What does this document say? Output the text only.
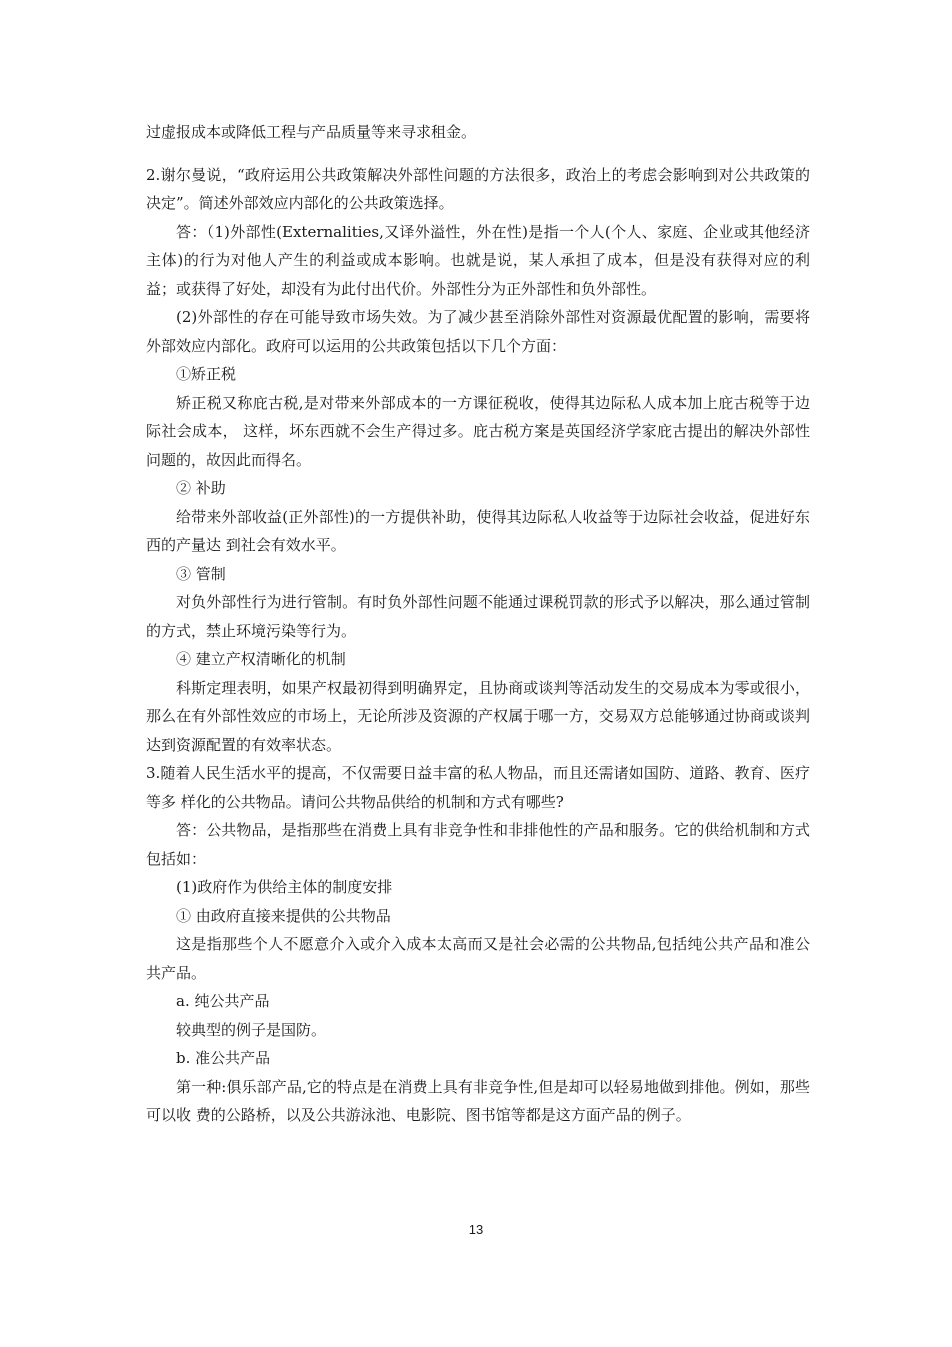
过虚报成本或降低工程与产品质量等来寻求租金。

2.谢尔曼说，“政府运用公共政策解决外部性问题的方法很多，政治上的考虑会影响到对公共政策的决定”。简述外部效应内部化的公共政策选择。

答：（1)外部性(Externalities,又译外溢性，外在性)是指一个人(个人、家庭、企业或其他经济主体)的行为对他人产生的利益或成本影响。也就是说，某人承担了成本，但是没有获得对应的利益；或获得了好处，却没有为此付出代价。外部性分为正外部性和负外部性。

(2)外部性的存在可能导致市场失效。为了减少甚至消除外部性对资源最优配置的影响，需要将外部效应内部化。政府可以运用的公共政策包括以下几个方面：

①矫正税

矫正税又称庇古税,是对带来外部成本的一方课征税收，使得其边际私人成本加上庇古税等于边际社会成本， 这样，坏东西就不会生产得过多。庇古税方案是英国经济学家庇古提出的解决外部性问题的，故因此而得名。

② 补助

给带来外部收益(正外部性)的一方提供补助，使得其边际私人收益等于边际社会收益，促进好东西的产量达 到社会有效水平。

③ 管制

对负外部性行为进行管制。有时负外部性问题不能通过课税罚款的形式予以解决，那么通过管制的方式，禁止环境污染等行为。

④ 建立产权清晰化的机制

科斯定理表明，如果产权最初得到明确界定，且协商或谈判等活动发生的交易成本为零或很小，那么在有外部性效应的市场上，无论所涉及资源的产权属于哪一方，交易双方总能够通过协商或谈判达到资源配置的有效率状态。

3.随着人民生活水平的提高，不仅需要日益丰富的私人物品，而且还需诸如国防、道路、教育、医疗等多 样化的公共物品。请问公共物品供给的机制和方式有哪些?

答：公共物品，是指那些在消费上具有非竞争性和非排他性的产品和服务。它的供给机制和方式包括如：

(1)政府作为供给主体的制度安排

① 由政府直接来提供的公共物品

这是指那些个人不愿意介入或介入成本太高而又是社会必需的公共物品,包括纯公共产品和准公共产品。

a. 纯公共产品

较典型的例子是国防。

b. 准公共产品

第一种:俱乐部产品,它的特点是在消费上具有非竞争性,但是却可以轻易地做到排他。例如，那些可以收 费的公路桥，以及公共游泳池、电影院、图书馆等都是这方面产品的例子。

13
